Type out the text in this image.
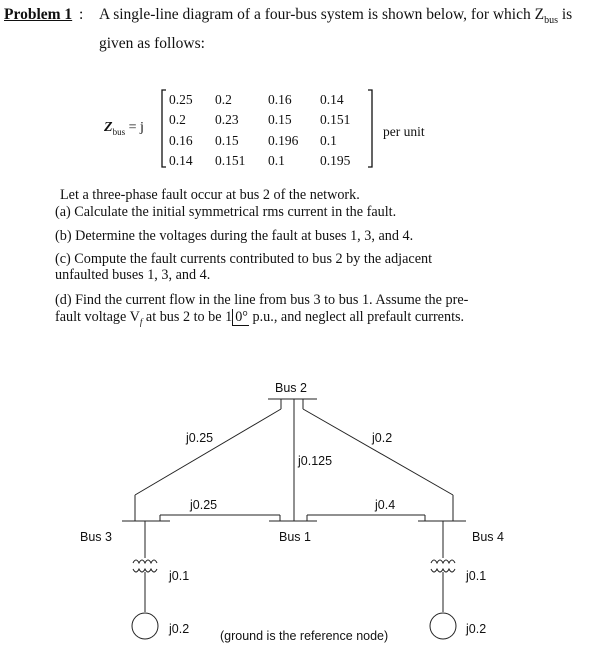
Problem 1 : A single-line diagram of a four-bus system is shown below, for which $Z_{bus}$ is
given as follows:
$Z_{bus} = j$
0.25 0.2	0.16 0.14
0.2 0.23 0.15 0.151
0.16 0.15 0.196 0.1
0.14 0.151 0.1	0.195
per unit
Let a three-phase fault occur at bus 2 of the network.
(a) Calculate the initial symmetrical rms current in the fault.
(b) Determine the voltages during the fault at buses 1, 3, and 4.
(c) Compute the fault currents contributed to bus 2 by the adjacent
unfaulted buses 1, 3, and 4.
(d) Find the current flow in the line from bus 3 to bus 1. Assume the pre-
fault voltage $V_f$ at bus 2 to be 1 0° p.u., and neglect all prefault currents.
Bus 2
Bus 1
Bus 3	Bus 4
j0.25	j0.2
j0.125
j0.25	j0.4
j0.1
j0.2
j0.1
j0.2
(ground is the reference node)
